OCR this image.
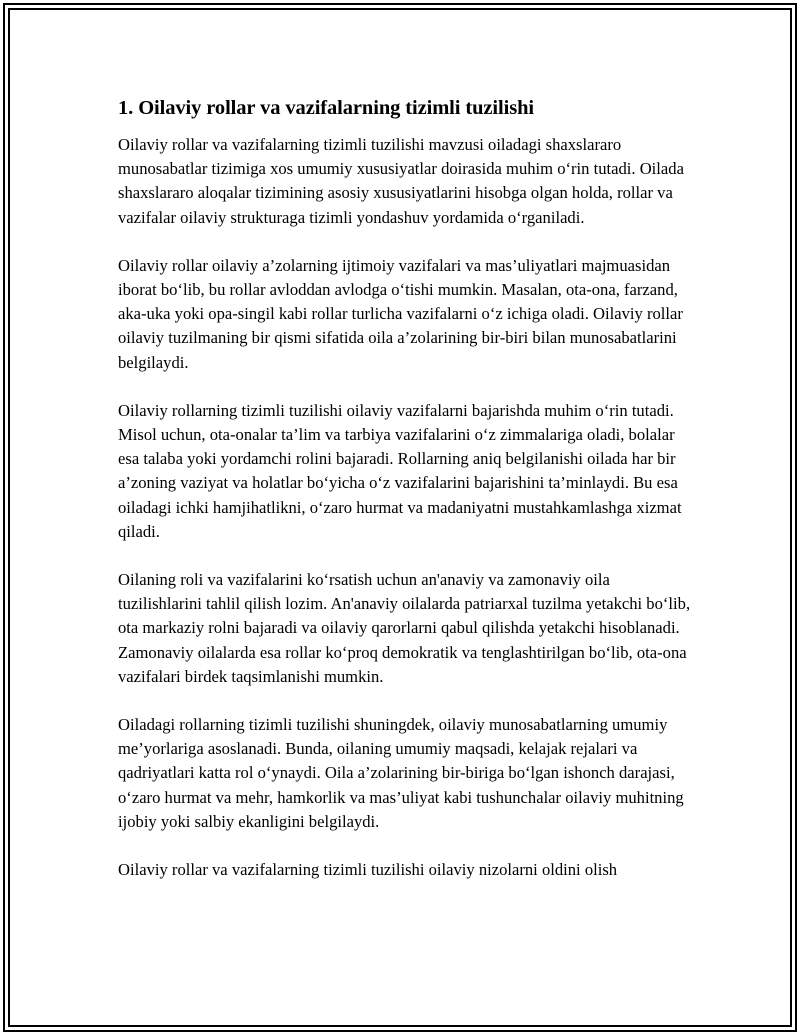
1. Oilaviy rollar va vazifalarning tizimli tuzilishi

Oilaviy rollar va vazifalarning tizimli tuzilishi mavzusi oiladagi shaxslararo munosabatlar tizimiga xos umumiy xususiyatlar doirasida muhim o‘rin tutadi. Oilada shaxslararo aloqalar tizimining asosiy xususiyatlarini hisobga olgan holda, rollar va vazifalar oilaviy strukturaga tizimli yondashuv yordamida o‘rganiladi.

Oilaviy rollar oilaviy a’zolarning ijtimoiy vazifalari va mas’uliyatlari majmuasidan iborat bo‘lib, bu rollar avloddan avlodga o‘tishi mumkin. Masalan, ota-ona, farzand, aka-uka yoki opa-singil kabi rollar turlicha vazifalarni o‘z ichiga oladi. Oilaviy rollar oilaviy tuzilmaning bir qismi sifatida oila a’zolarining bir-biri bilan munosabatlarini belgilaydi.

Oilaviy rollarning tizimli tuzilishi oilaviy vazifalarni bajarishda muhim o‘rin tutadi. Misol uchun, ota-onalar ta’lim va tarbiya vazifalarini o‘z zimmalariga oladi, bolalar esa talaba yoki yordamchi rolini bajaradi. Rollarning aniq belgilanishi oilada har bir a’zoning vaziyat va holatlar bo‘yicha o‘z vazifalarini bajarishini ta’minlaydi. Bu esa oiladagi ichki hamjihatlikni, o‘zaro hurmat va madaniyatni mustahkamlashga xizmat qiladi.

Oilaning roli va vazifalarini ko‘rsatish uchun an'anaviy va zamonaviy oila tuzilishlarini tahlil qilish lozim. An'anaviy oilalarda patriarxal tuzilma yetakchi bo‘lib, ota markaziy rolni bajaradi va oilaviy qarorlarni qabul qilishda yetakchi hisoblanadi. Zamonaviy oilalarda esa rollar ko‘proq demokratik va tenglashtirilgan bo‘lib, ota-ona vazifalari birdek taqsimlanishi mumkin.

Oiladagi rollarning tizimli tuzilishi shuningdek, oilaviy munosabatlarning umumiy me’yorlariga asoslanadi. Bunda, oilaning umumiy maqsadi, kelajak rejalari va qadriyatlari katta rol o‘ynaydi. Oila a’zolarining bir-biriga bo‘lgan ishonch darajasi, o‘zaro hurmat va mehr, hamkorlik va mas’uliyat kabi tushunchalar oilaviy muhitning ijobiy yoki salbiy ekanligini belgilaydi.

Oilaviy rollar va vazifalarning tizimli tuzilishi oilaviy nizolarni oldini olish
